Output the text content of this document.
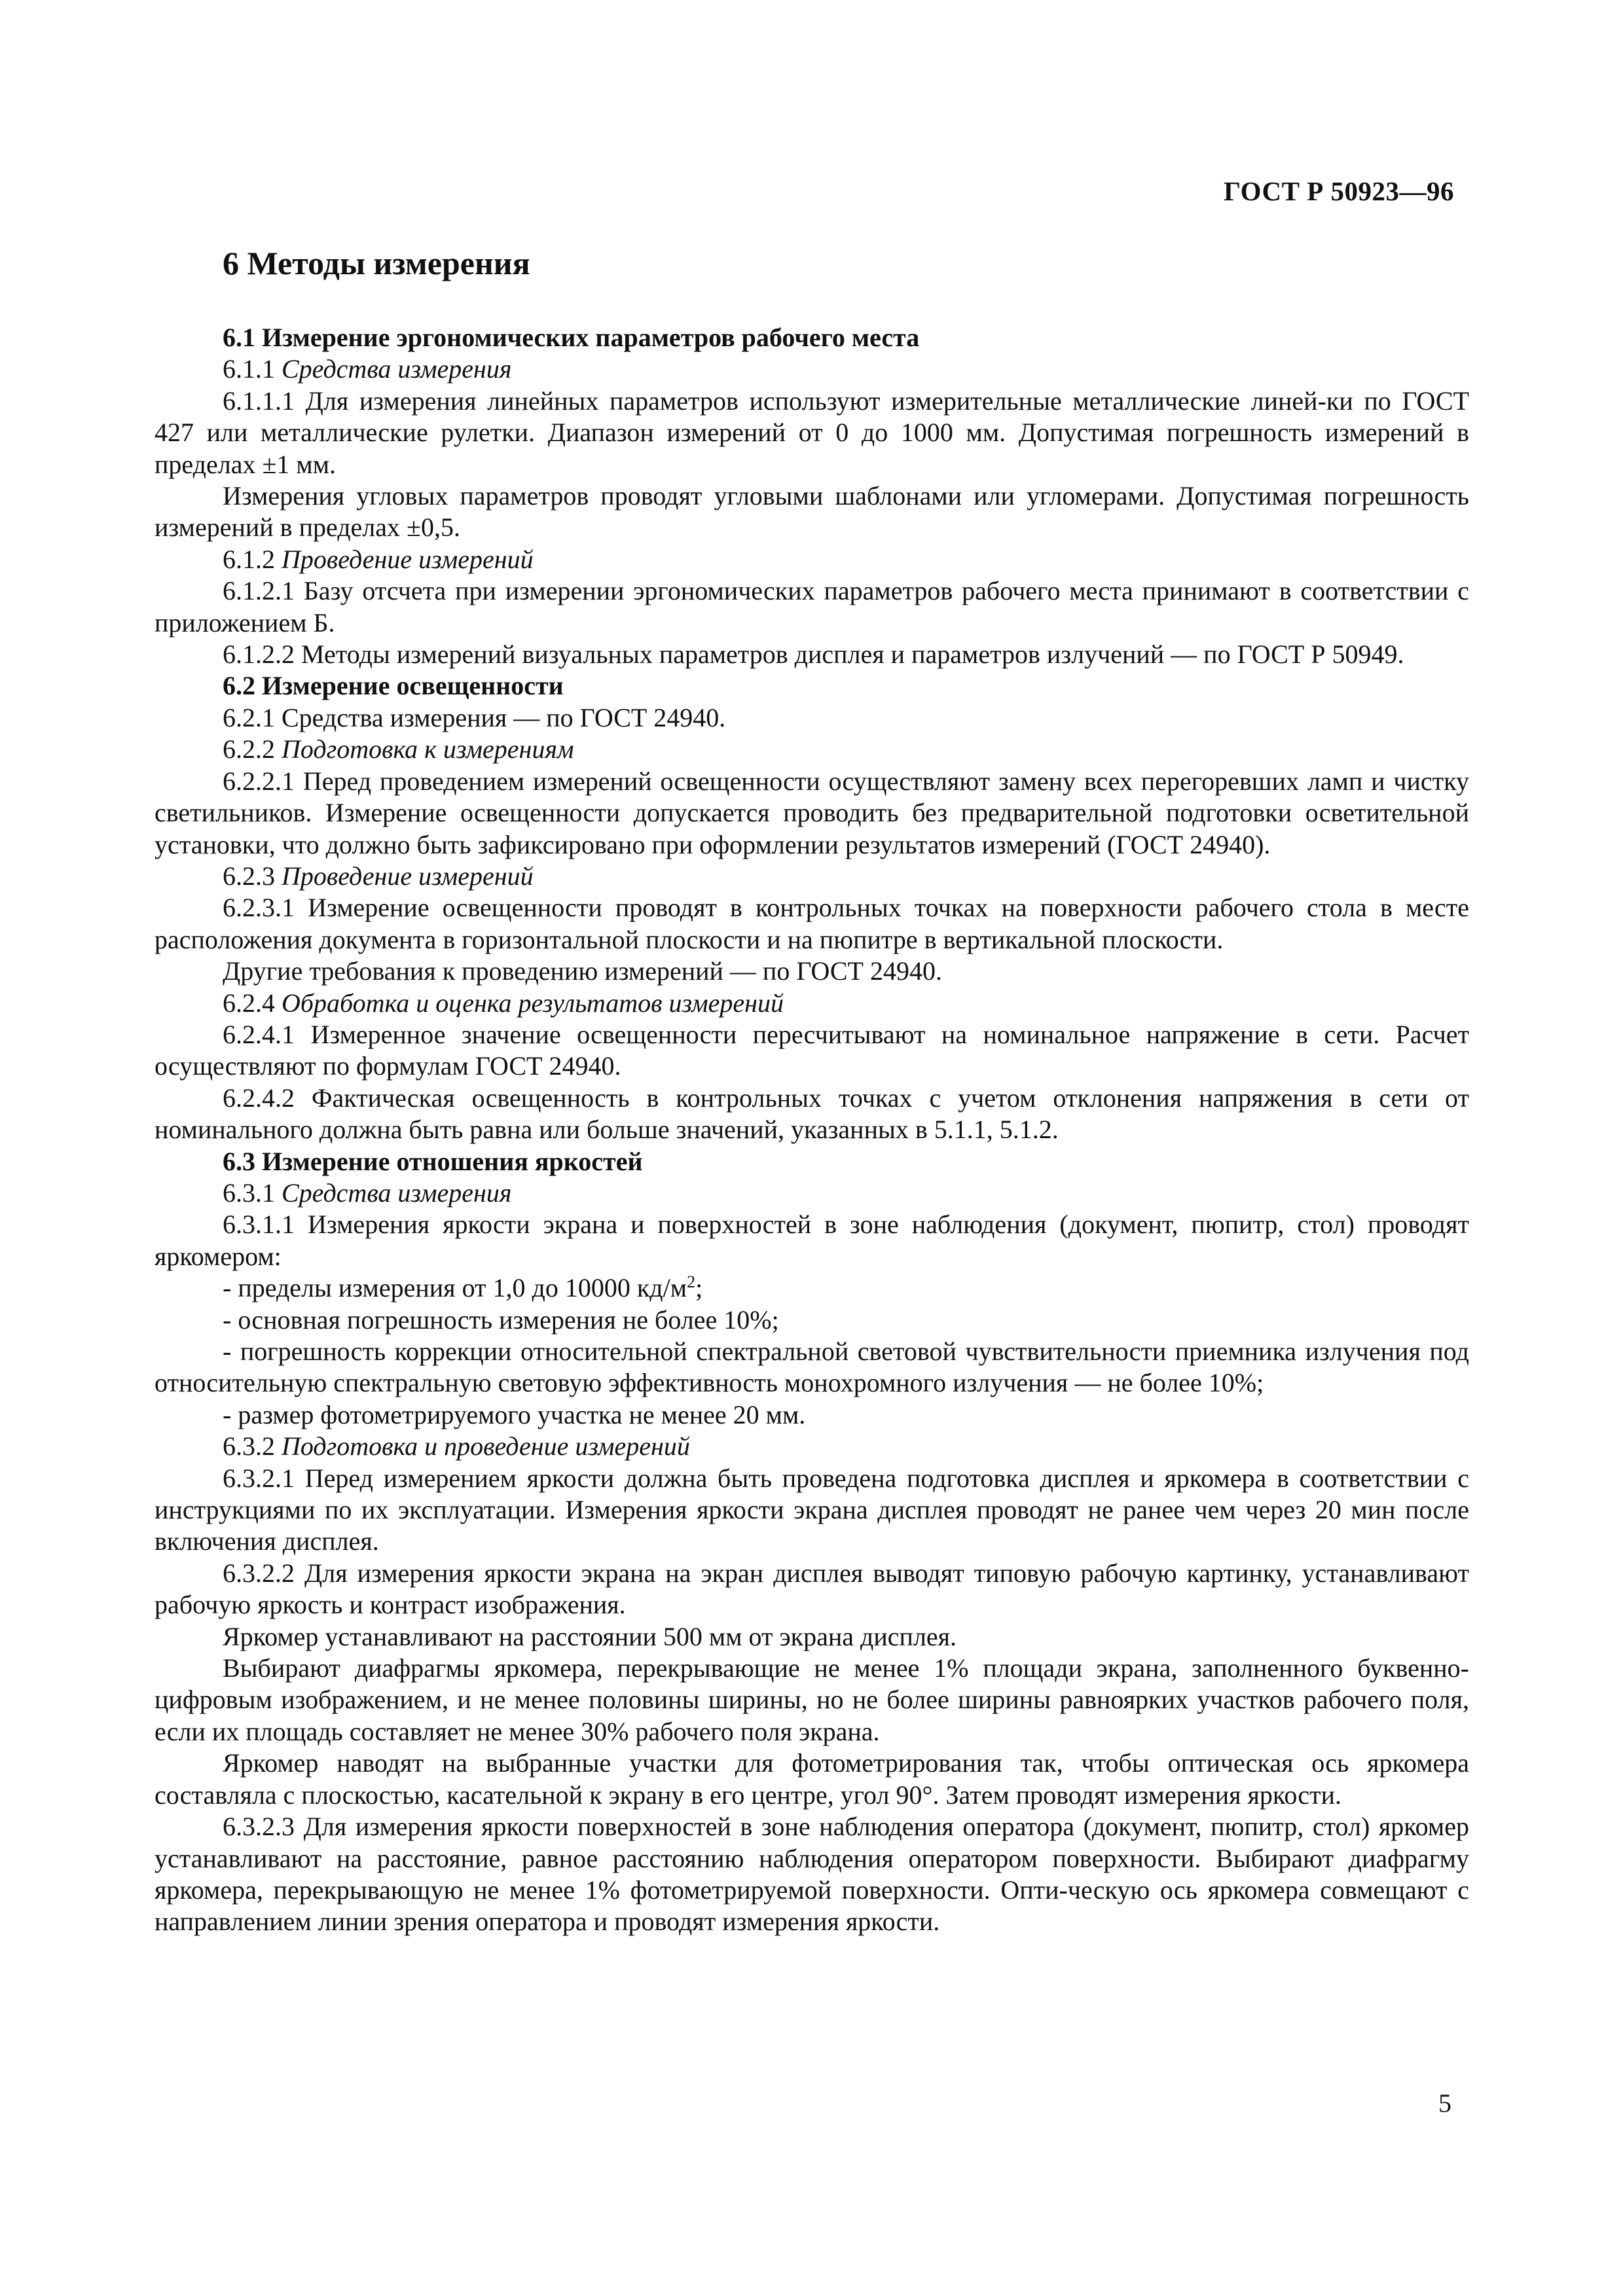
ГОСТ Р 50923—96

6 Методы измерения

6.1 Измерение эргономических параметров рабочего места

6.1.1 Средства измерения

6.1.1.1 Для измерения линейных параметров используют измерительные металлические линей-ки по ГОСТ 427 или металлические рулетки. Диапазон измерений от 0 до 1000 мм. Допустимая погрешность измерений в пределах ±1 мм.

Измерения угловых параметров проводят угловыми шаблонами или угломерами. Допустимая погрешность измерений в пределах ±0,5.

6.1.2 Проведение измерений

6.1.2.1 Базу отсчета при измерении эргономических параметров рабочего места принимают в соответствии с приложением Б.

6.1.2.2 Методы измерений визуальных параметров дисплея и параметров излучений — по ГОСТ Р 50949.

6.2 Измерение освещенности

6.2.1 Средства измерения — по ГОСТ 24940.

6.2.2 Подготовка к измерениям

6.2.2.1 Перед проведением измерений освещенности осуществляют замену всех перегоревших ламп и чистку светильников. Измерение освещенности допускается проводить без предварительной подготовки осветительной установки, что должно быть зафиксировано при оформлении результатов измерений (ГОСТ 24940).

6.2.3 Проведение измерений

6.2.3.1 Измерение освещенности проводят в контрольных точках на поверхности рабочего стола в месте расположения документа в горизонтальной плоскости и на пюпитре в вертикальной плоскости.

Другие требования к проведению измерений — по ГОСТ 24940.

6.2.4 Обработка и оценка результатов измерений

6.2.4.1 Измеренное значение освещенности пересчитывают на номинальное напряжение в сети. Расчет осуществляют по формулам ГОСТ 24940.

6.2.4.2 Фактическая освещенность в контрольных точках с учетом отклонения напряжения в сети от номинального должна быть равна или больше значений, указанных в 5.1.1, 5.1.2.

6.3 Измерение отношения яркостей

6.3.1 Средства измерения

6.3.1.1 Измерения яркости экрана и поверхностей в зоне наблюдения (документ, пюпитр, стол) проводят яркомером:

- пределы измерения от 1,0 до 10000 $кд/м^2$;

- основная погрешность измерения не более 10%;

- погрешность коррекции относительной спектральной световой чувствительности приемника излучения под относительную спектральную световую эффективность монохромного излучения — не более 10%;

- размер фотометрируемого участка не менее 20 мм.

6.3.2 Подготовка и проведение измерений

6.3.2.1 Перед измерением яркости должна быть проведена подготовка дисплея и яркомера в соответствии с инструкциями по их эксплуатации. Измерения яркости экрана дисплея проводят не ранее чем через 20 мин после включения дисплея.

6.3.2.2 Для измерения яркости экрана на экран дисплея выводят типовую рабочую картинку, устанавливают рабочую яркость и контраст изображения.

Яркомер устанавливают на расстоянии 500 мм от экрана дисплея.

Выбирают диафрагмы яркомера, перекрывающие не менее 1% площади экрана, заполненного буквенно-цифровым изображением, и не менее половины ширины, но не более ширины равноярких участков рабочего поля, если их площадь составляет не менее 30% рабочего поля экрана.

Яркомер наводят на выбранные участки для фотометрирования так, чтобы оптическая ось яркомера составляла с плоскостью, касательной к экрану в его центре, угол 90°. Затем проводят измерения яркости.

6.3.2.3 Для измерения яркости поверхностей в зоне наблюдения оператора (документ, пюпитр, стол) яркомер устанавливают на расстояние, равное расстоянию наблюдения оператором поверхности. Выбирают диафрагму яркомера, перекрывающую не менее 1% фотометрируемой поверхности. Опти-ческую ось яркомера совмещают с направлением линии зрения оператора и проводят измерения яркости.

5
